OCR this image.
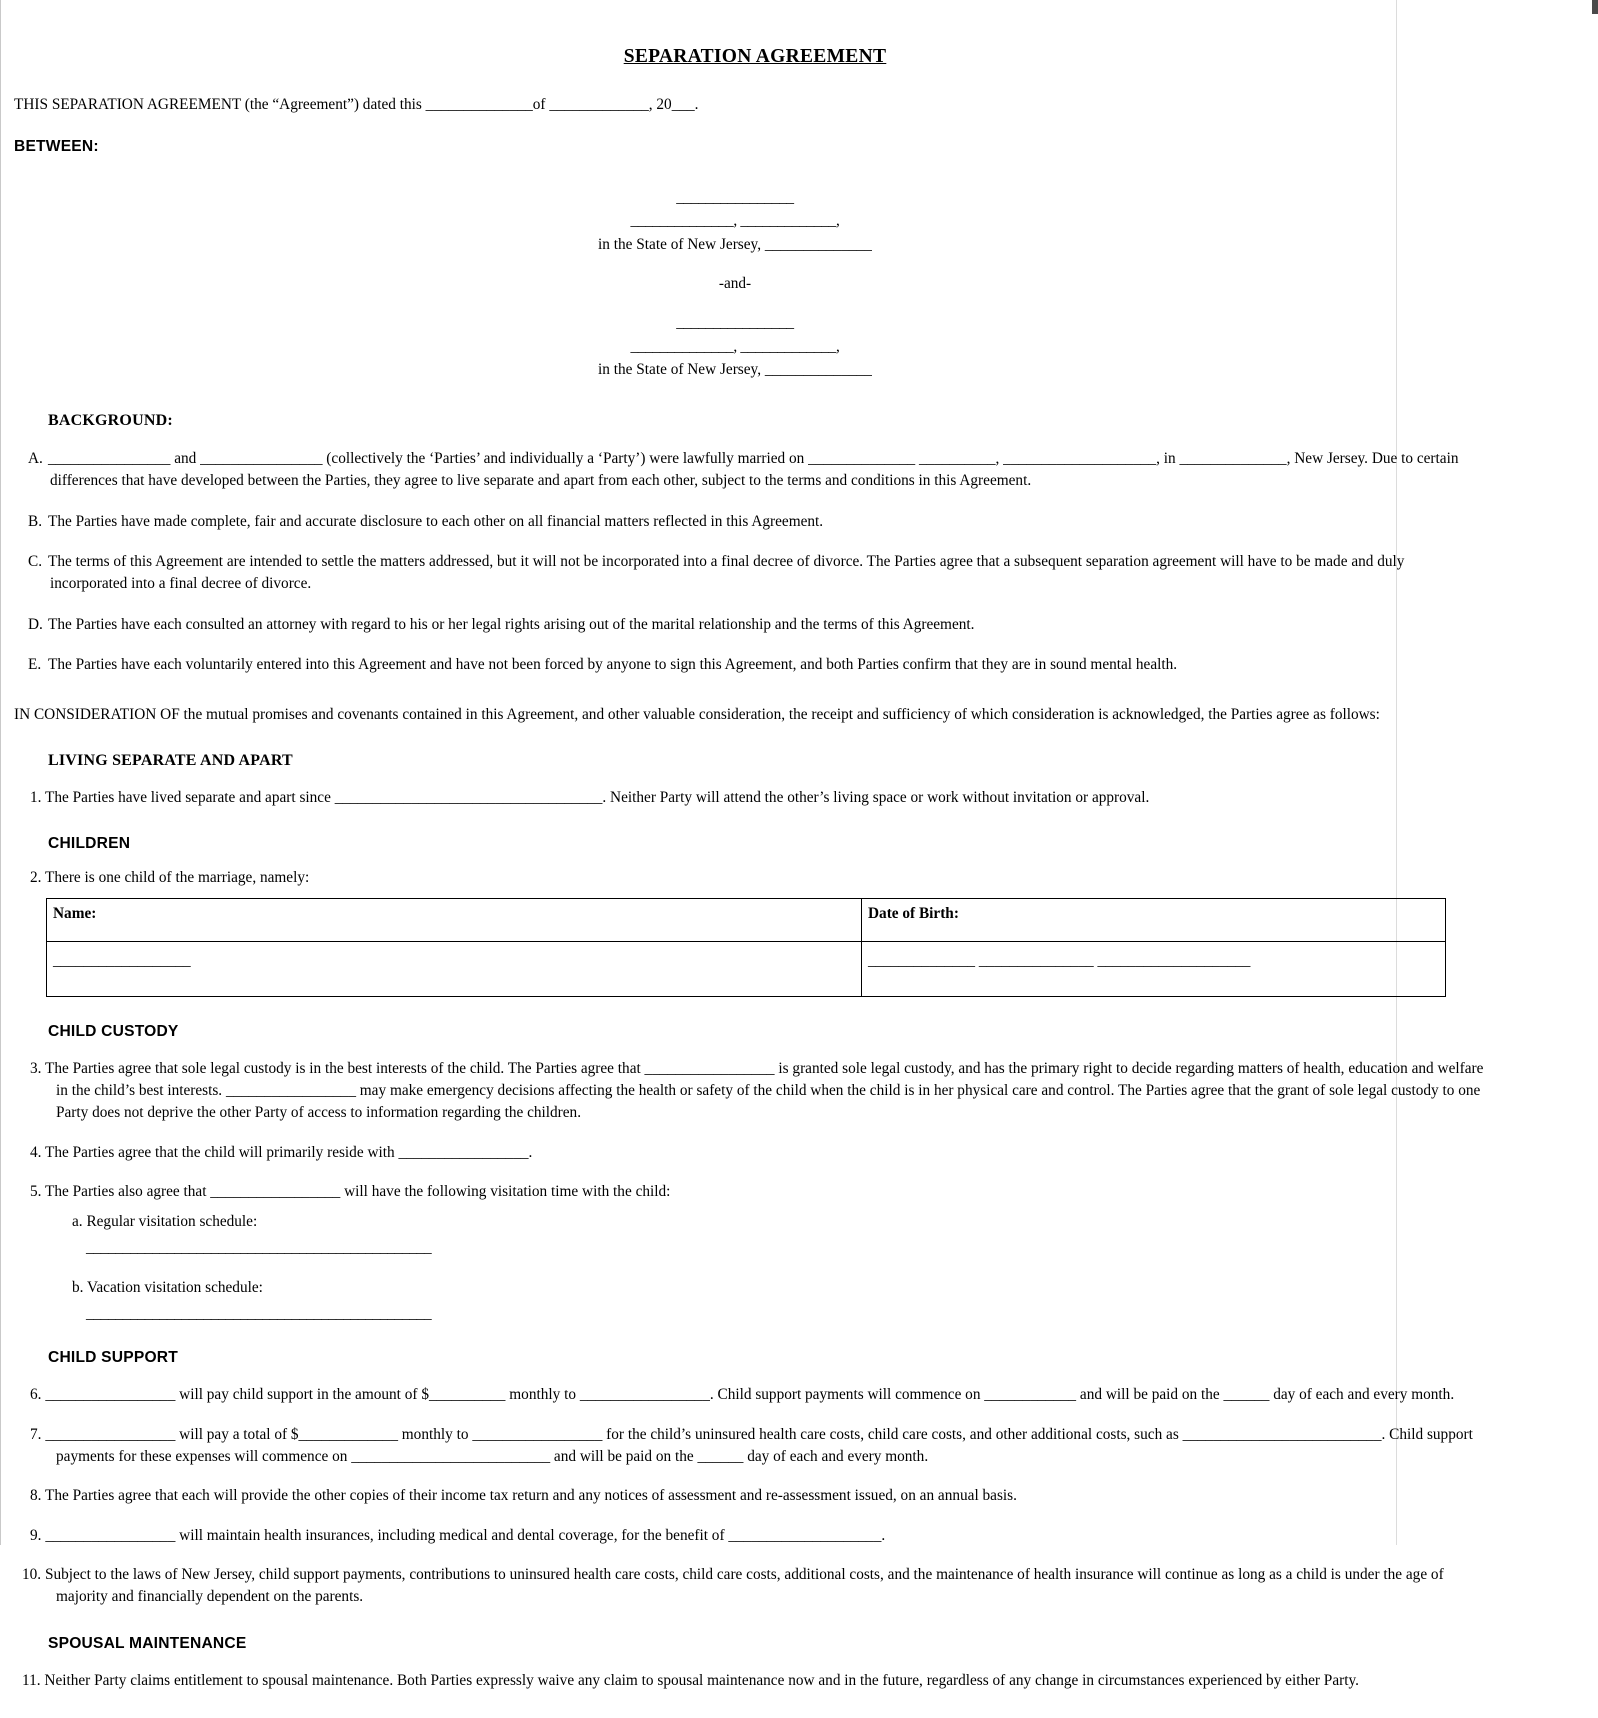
SEPARATION AGREEMENT
THIS SEPARATION AGREEMENT (the “Agreement”) dated this ______________of _____________, 20___.
BETWEEN:
________________
______________, _____________,
in the State of New Jersey, ______________
-and-
________________
______________, _____________,
in the State of New Jersey, ______________
BACKGROUND:
A. ________________ and ________________ (collectively the ‘Parties’ and individually a ‘Party’) were lawfully married on ______________ __________, ____________________, in ______________, New Jersey. Due to certain differences that have developed between the Parties, they agree to live separate and apart from each other, subject to the terms and conditions in this Agreement.
B. The Parties have made complete, fair and accurate disclosure to each other on all financial matters reflected in this Agreement.
C. The terms of this Agreement are intended to settle the matters addressed, but it will not be incorporated into a final decree of divorce. The Parties agree that a subsequent separation agreement will have to be made and duly incorporated into a final decree of divorce.
D. The Parties have each consulted an attorney with regard to his or her legal rights arising out of the marital relationship and the terms of this Agreement.
E. The Parties have each voluntarily entered into this Agreement and have not been forced by anyone to sign this Agreement, and both Parties confirm that they are in sound mental health.
IN CONSIDERATION OF the mutual promises and covenants contained in this Agreement, and other valuable consideration, the receipt and sufficiency of which consideration is acknowledged, the Parties agree as follows:
LIVING SEPARATE AND APART
1. The Parties have lived separate and apart since ___________________________________. Neither Party will attend the other’s living space or work without invitation or approval.
CHILDREN
2. There is one child of the marriage, namely:
Name:	Date of Birth:
__________________	______________ _______________ ____________________
CHILD CUSTODY
3. The Parties agree that sole legal custody is in the best interests of the child. The Parties agree that _________________ is granted sole legal custody, and has the primary right to decide regarding matters of health, education and welfare in the child’s best interests. _________________ may make emergency decisions affecting the health or safety of the child when the child is in her physical care and control. The Parties agree that the grant of sole legal custody to one Party does not deprive the other Party of access to information regarding the children.
4. The Parties agree that the child will primarily reside with _________________.
5. The Parties also agree that _________________ will have the following visitation time with the child:
a. Regular visitation schedule:
_______________________________________________
b. Vacation visitation schedule:
_______________________________________________
CHILD SUPPORT
6. _________________ will pay child support in the amount of $__________ monthly to _________________. Child support payments will commence on ____________ and will be paid on the ______ day of each and every month.
7. _________________ will pay a total of $_____________ monthly to _________________ for the child’s uninsured health care costs, child care costs, and other additional costs, such as __________________________. Child support payments for these expenses will commence on __________________________ and will be paid on the ______ day of each and every month.
8. The Parties agree that each will provide the other copies of their income tax return and any notices of assessment and re-assessment issued, on an annual basis.
9. _________________ will maintain health insurances, including medical and dental coverage, for the benefit of ____________________.
10. Subject to the laws of New Jersey, child support payments, contributions to uninsured health care costs, child care costs, additional costs, and the maintenance of health insurance will continue as long as a child is under the age of majority and financially dependent on the parents.
SPOUSAL MAINTENANCE
11. Neither Party claims entitlement to spousal maintenance. Both Parties expressly waive any claim to spousal maintenance now and in the future, regardless of any change in circumstances experienced by either Party.
